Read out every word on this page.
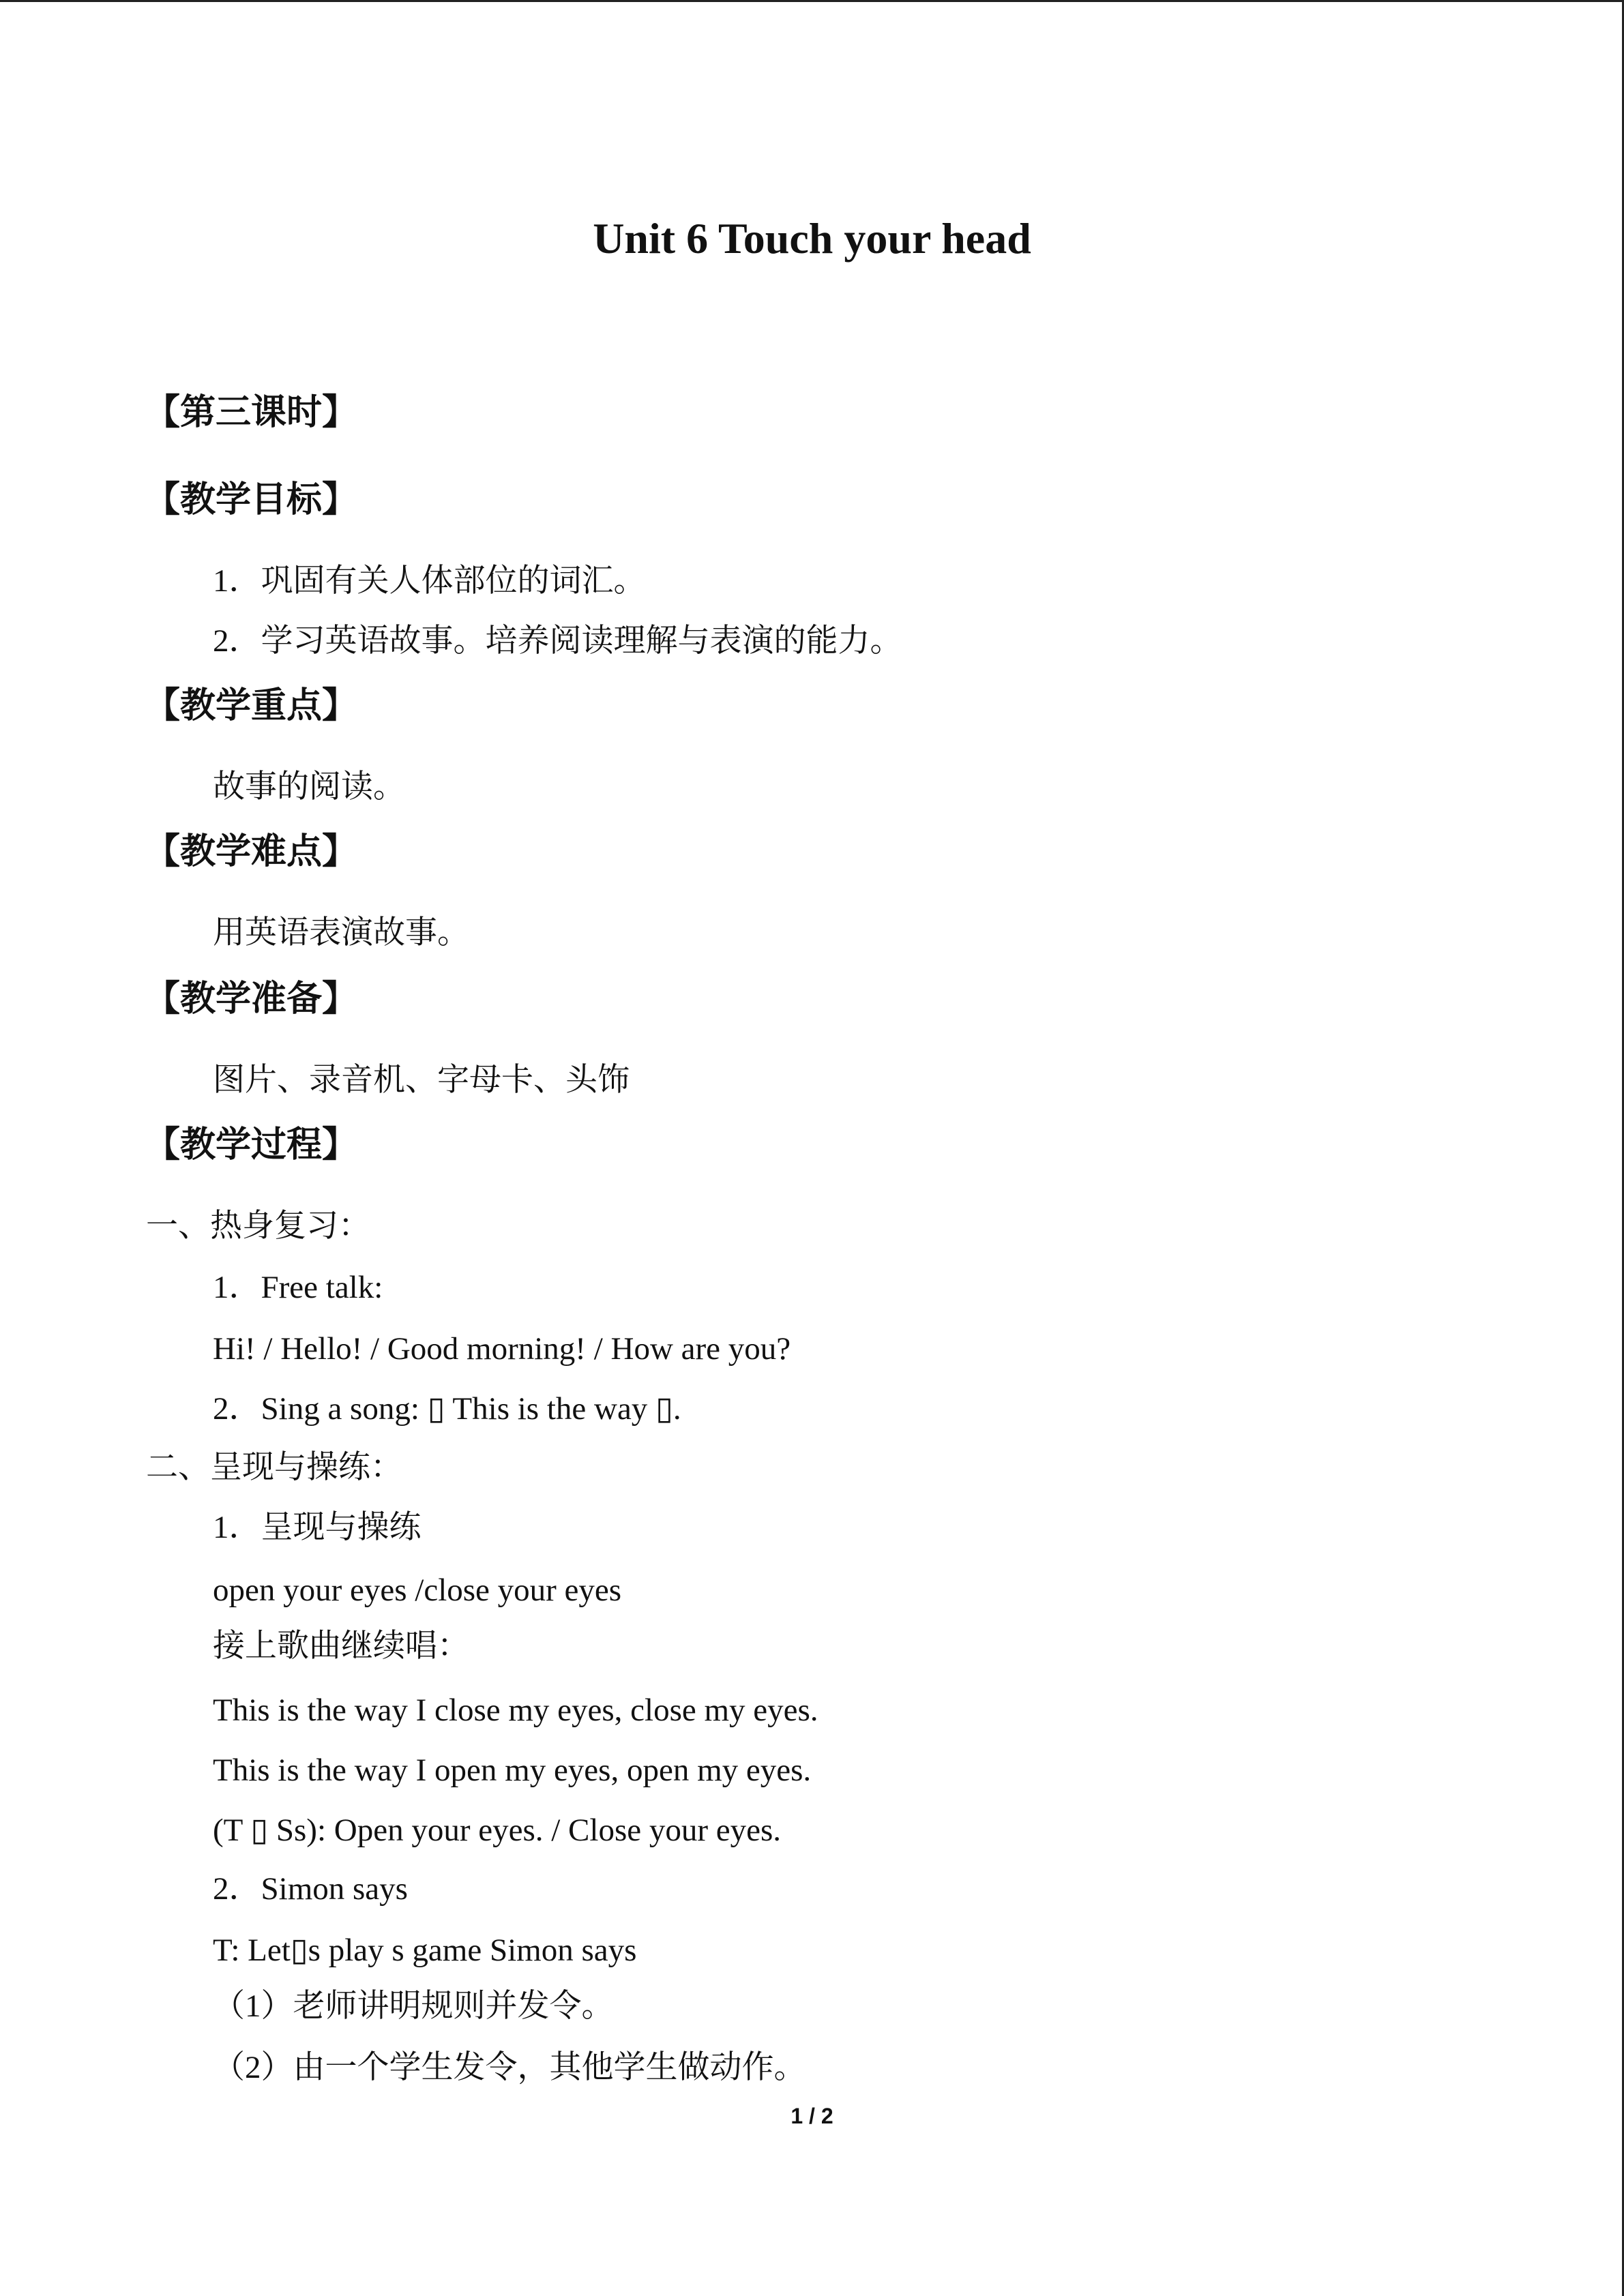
Unit 6 Touch your head
【第三课时】
【教学目标】
1．巩固有关人体部位的词汇。
2．学习英语故事。培养阅读理解与表演的能力。
【教学重点】
故事的阅读。
【教学难点】
用英语表演故事。
【教学准备】
图片、录音机、字母卡、头饰
【教学过程】
一、热身复习：
1．Free talk:
Hi! / Hello! / Good morning! / How are you?
2．Sing a song: ▯ This is the way ▯.
二、呈现与操练：
1．呈现与操练
open your eyes /close your eyes
接上歌曲继续唱：
This is the way I close my eyes, close my eyes.
This is the way I open my eyes, open my eyes.
(T ▯ Ss): Open your eyes. / Close your eyes.
2．Simon says
T: Let▯s play s game Simon says
（1）老师讲明规则并发令。
（2）由一个学生发令，其他学生做动作。
1 / 2
